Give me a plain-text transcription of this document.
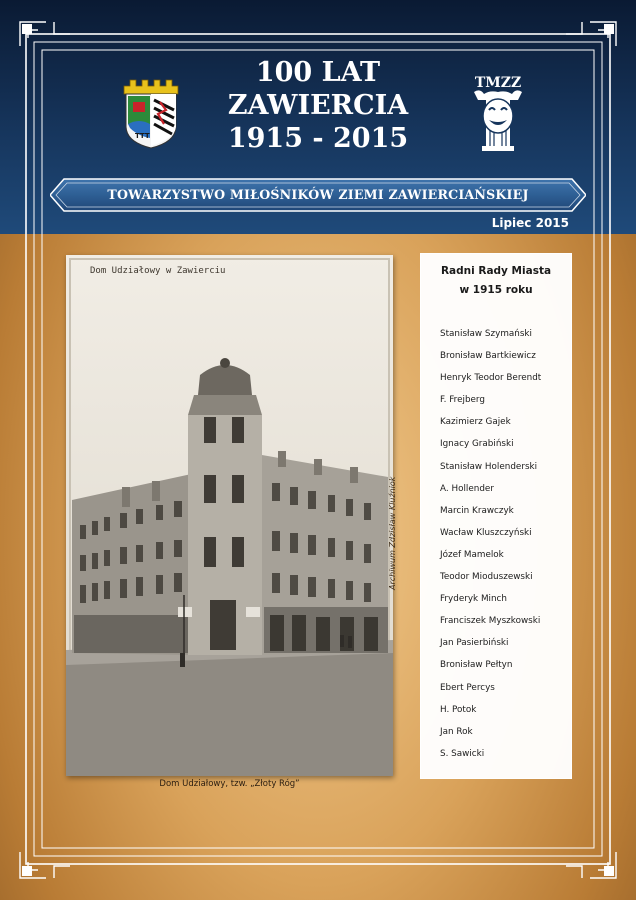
TTT
100 LAT
ZAWIERCIA
1915 - 2015
TMZZ
TOWARZYSTWO MIŁOŚNIKÓW ZIEMI ZAWIERCIAŃSKIEJ
Lipiec 2015
Dom Udziałowy w Zawierciu
Archiwum Zdzisław Kluźniok
Dom Udziałowy, tzw. „Złoty Róg”
Radni Rady Miasta
w 1915 roku
Stanisław Szymański
Bronisław Bartkiewicz
Henryk Teodor Berendt
F. Frejberg
Kazimierz Gajek
Ignacy Grabiński
Stanisław Holenderski
A. Hollender
Marcin Krawczyk
Wacław Kluszczyński
Józef Mamelok
Teodor Mioduszewski
Fryderyk Minch
Franciszek Myszkowski
Jan Pasierbiński
Bronisław Pełtyn
Ebert Percys
H. Potok
Jan Rok
S. Sawicki
